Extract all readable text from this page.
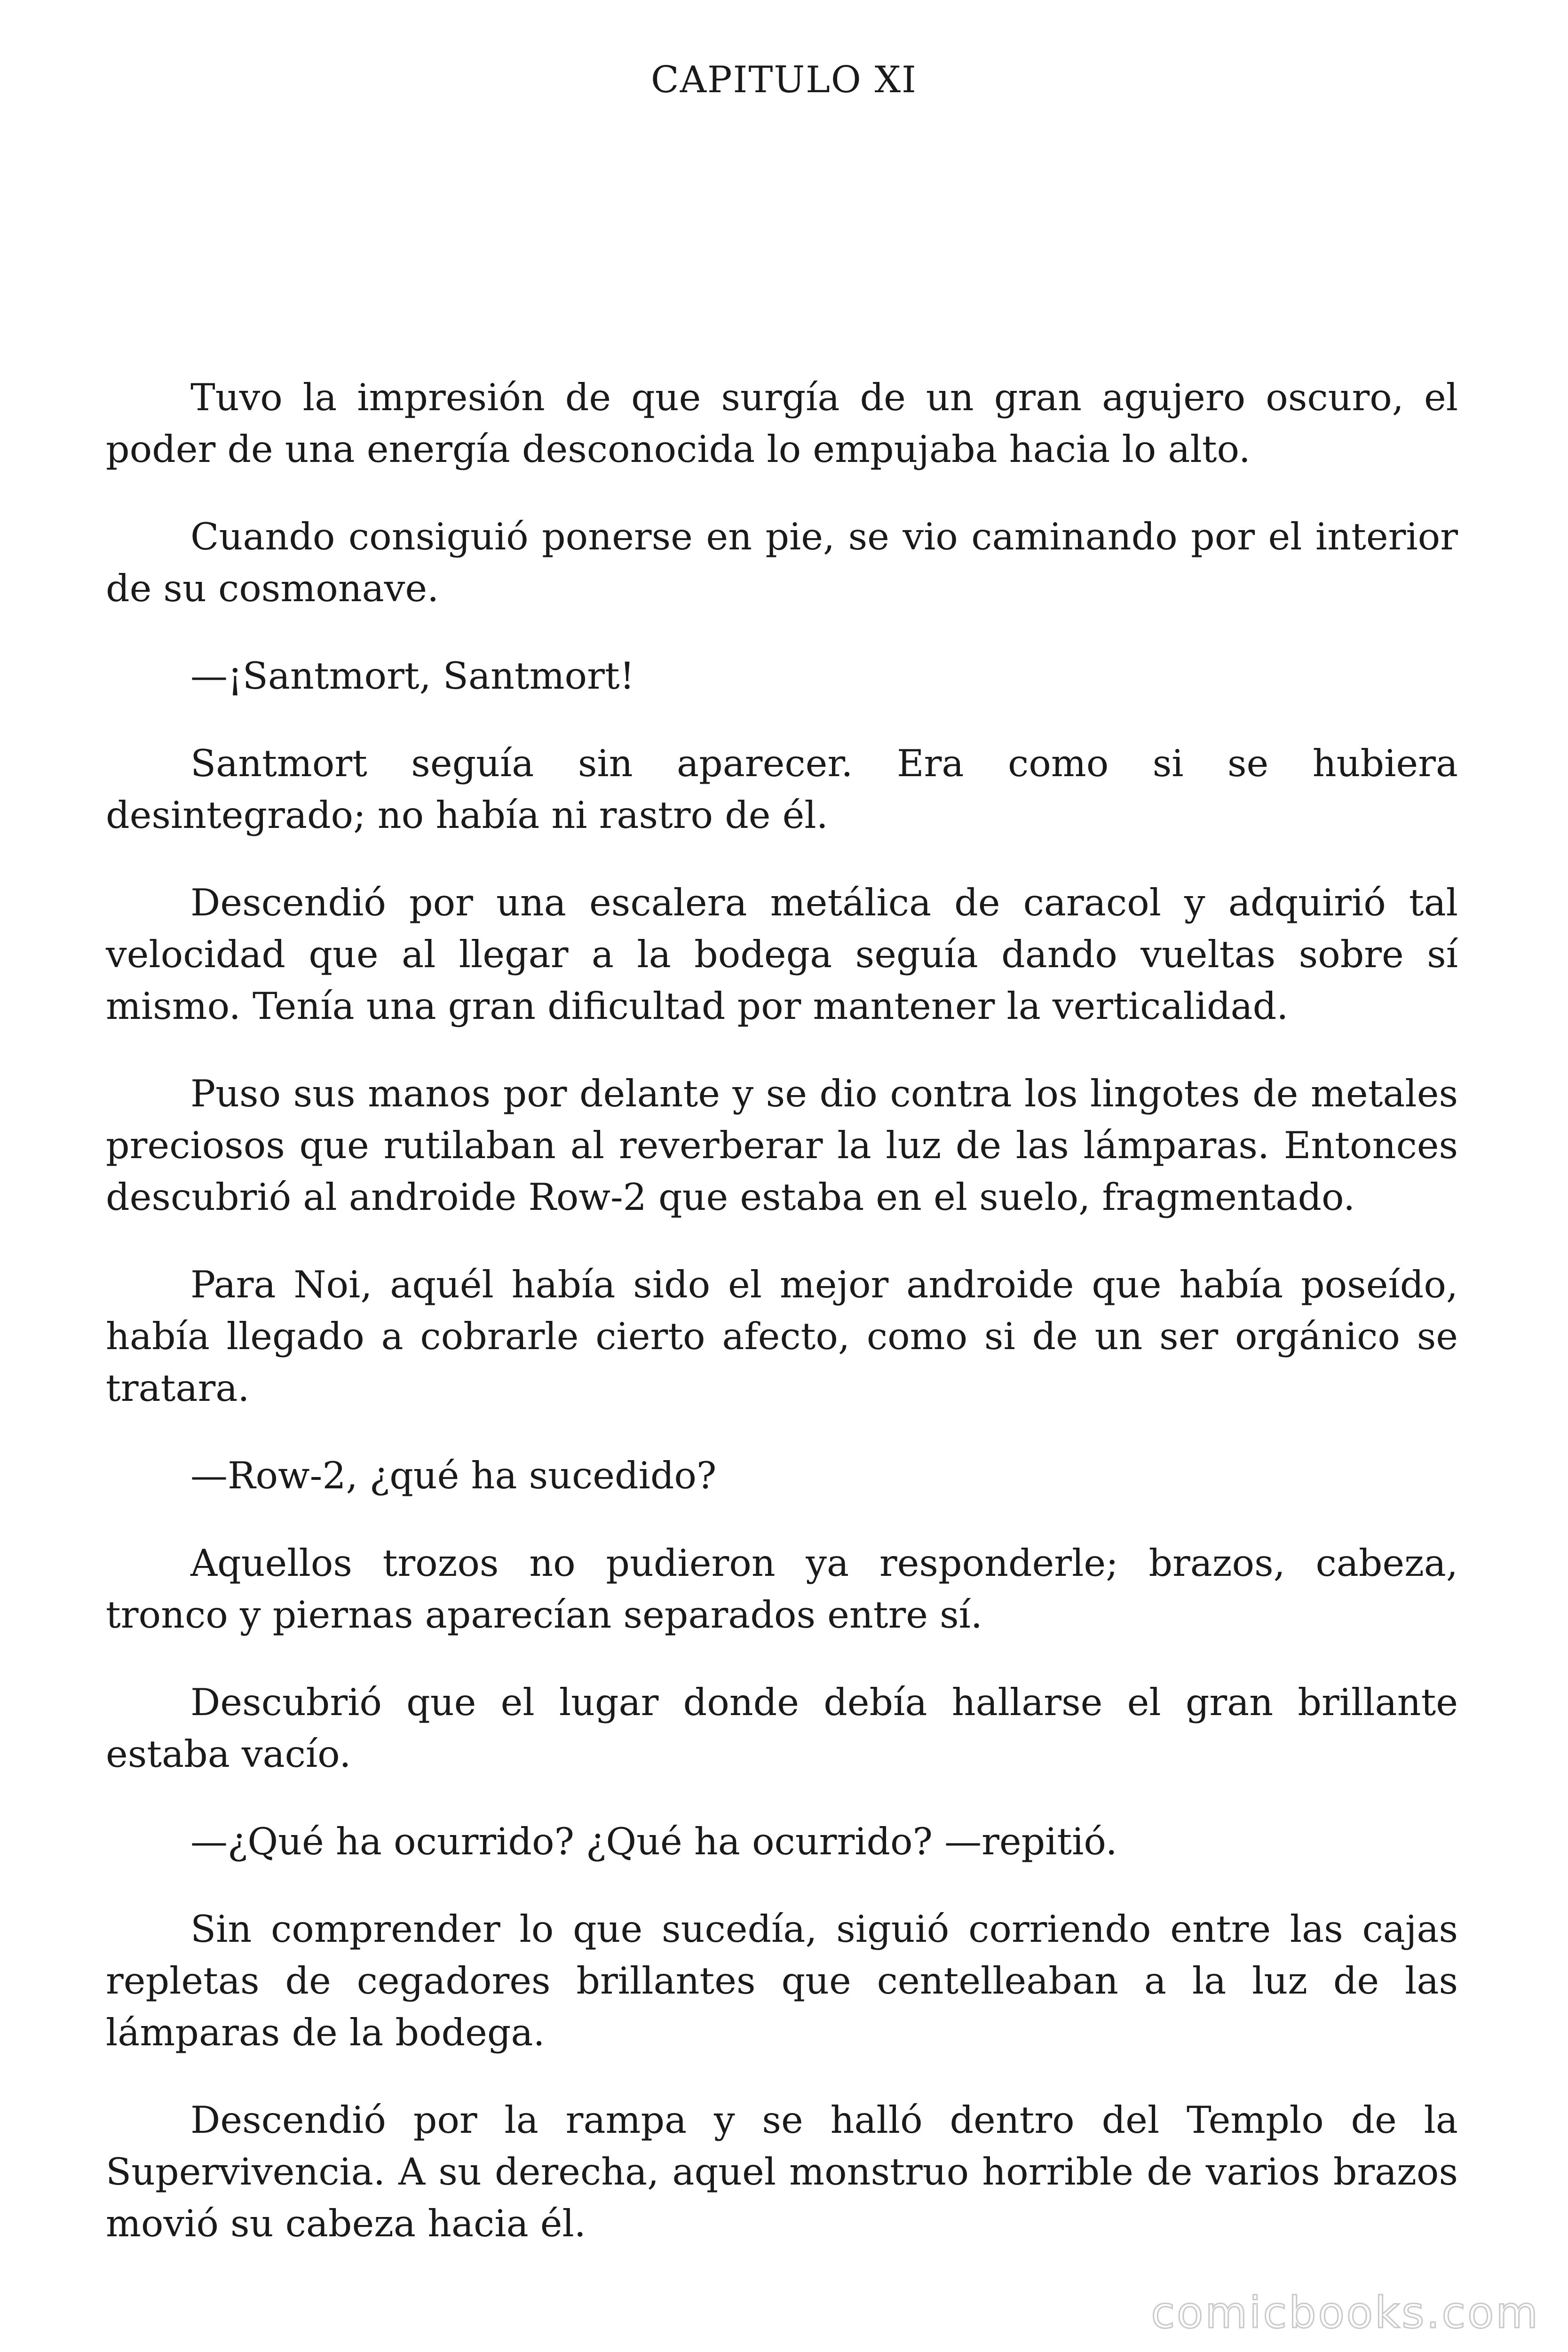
CAPITULO XI

Tuvo la impresión de que surgía de un gran agujero oscuro, el poder de una energía desconocida lo empujaba hacia lo alto.

Cuando consiguió ponerse en pie, se vio caminando por el interior de su cosmonave.

—¡Santmort, Santmort!

Santmort seguía sin aparecer. Era como si se hubiera desintegrado; no había ni rastro de él.

Descendió por una escalera metálica de caracol y adquirió tal velocidad que al llegar a la bodega seguía dando vueltas sobre sí mismo. Tenía una gran dificultad por mantener la verticalidad.

Puso sus manos por delante y se dio contra los lingotes de metales preciosos que rutilaban al reverberar la luz de las lámparas. Entonces descubrió al androide Row-2 que estaba en el suelo, fragmentado.

Para Noi, aquél había sido el mejor androide que había poseído, había llegado a cobrarle cierto afecto, como si de un ser orgánico se tratara.

—Row-2, ¿qué ha sucedido?

Aquellos trozos no pudieron ya responderle; brazos, cabeza, tronco y piernas aparecían separados entre sí.

Descubrió que el lugar donde debía hallarse el gran brillante estaba vacío.

—¿Qué ha ocurrido? ¿Qué ha ocurrido? —repitió.

Sin comprender lo que sucedía, siguió corriendo entre las cajas repletas de cegadores brillantes que centelleaban a la luz de las lámparas de la bodega.

Descendió por la rampa y se halló dentro del Templo de la Supervivencia. A su derecha, aquel monstruo horrible de varios brazos movió su cabeza hacia él.

comicbooks.com
